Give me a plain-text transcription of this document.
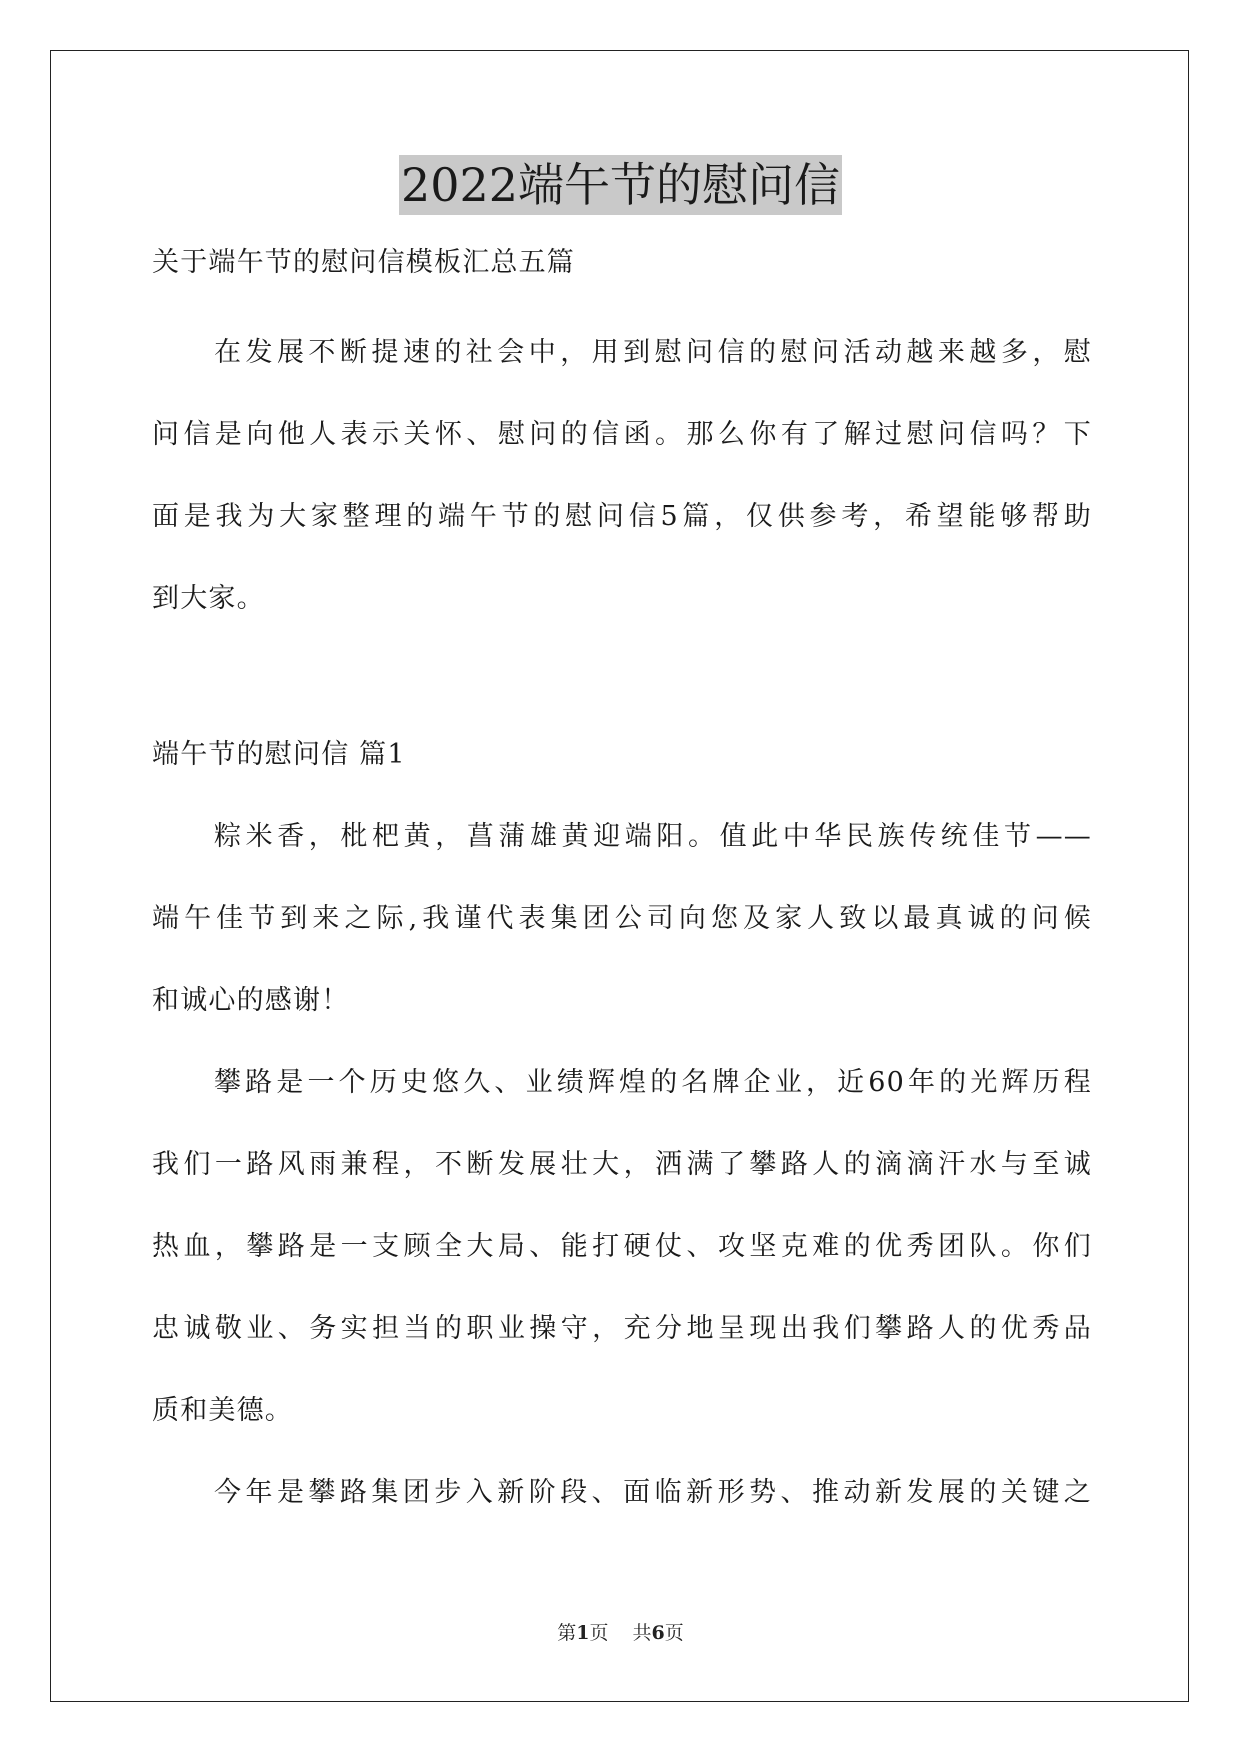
2022端午节的慰问信
关于端午节的慰问信模板汇总五篇
在发展不断提速的社会中，用到慰问信的慰问活动越来越多，慰
问信是向他人表示关怀、慰问的信函。那么你有了解过慰问信吗？下
面是我为大家整理的端午节的慰问信5篇，仅供参考，希望能够帮助
到大家。
端午节的慰问信 篇1
粽米香，枇杷黄，菖蒲雄黄迎端阳。值此中华民族传统佳节——
端午佳节到来之际,我谨代表集团公司向您及家人致以最真诚的问候
和诚心的感谢！
攀路是一个历史悠久、业绩辉煌的名牌企业，近60年的光辉历程
我们一路风雨兼程，不断发展壮大，洒满了攀路人的滴滴汗水与至诚
热血，攀路是一支顾全大局、能打硬仗、攻坚克难的优秀团队。你们
忠诚敬业、务实担当的职业操守，充分地呈现出我们攀路人的优秀品
质和美德。
今年是攀路集团步入新阶段、面临新形势、推动新发展的关键之
第1页 共6页
